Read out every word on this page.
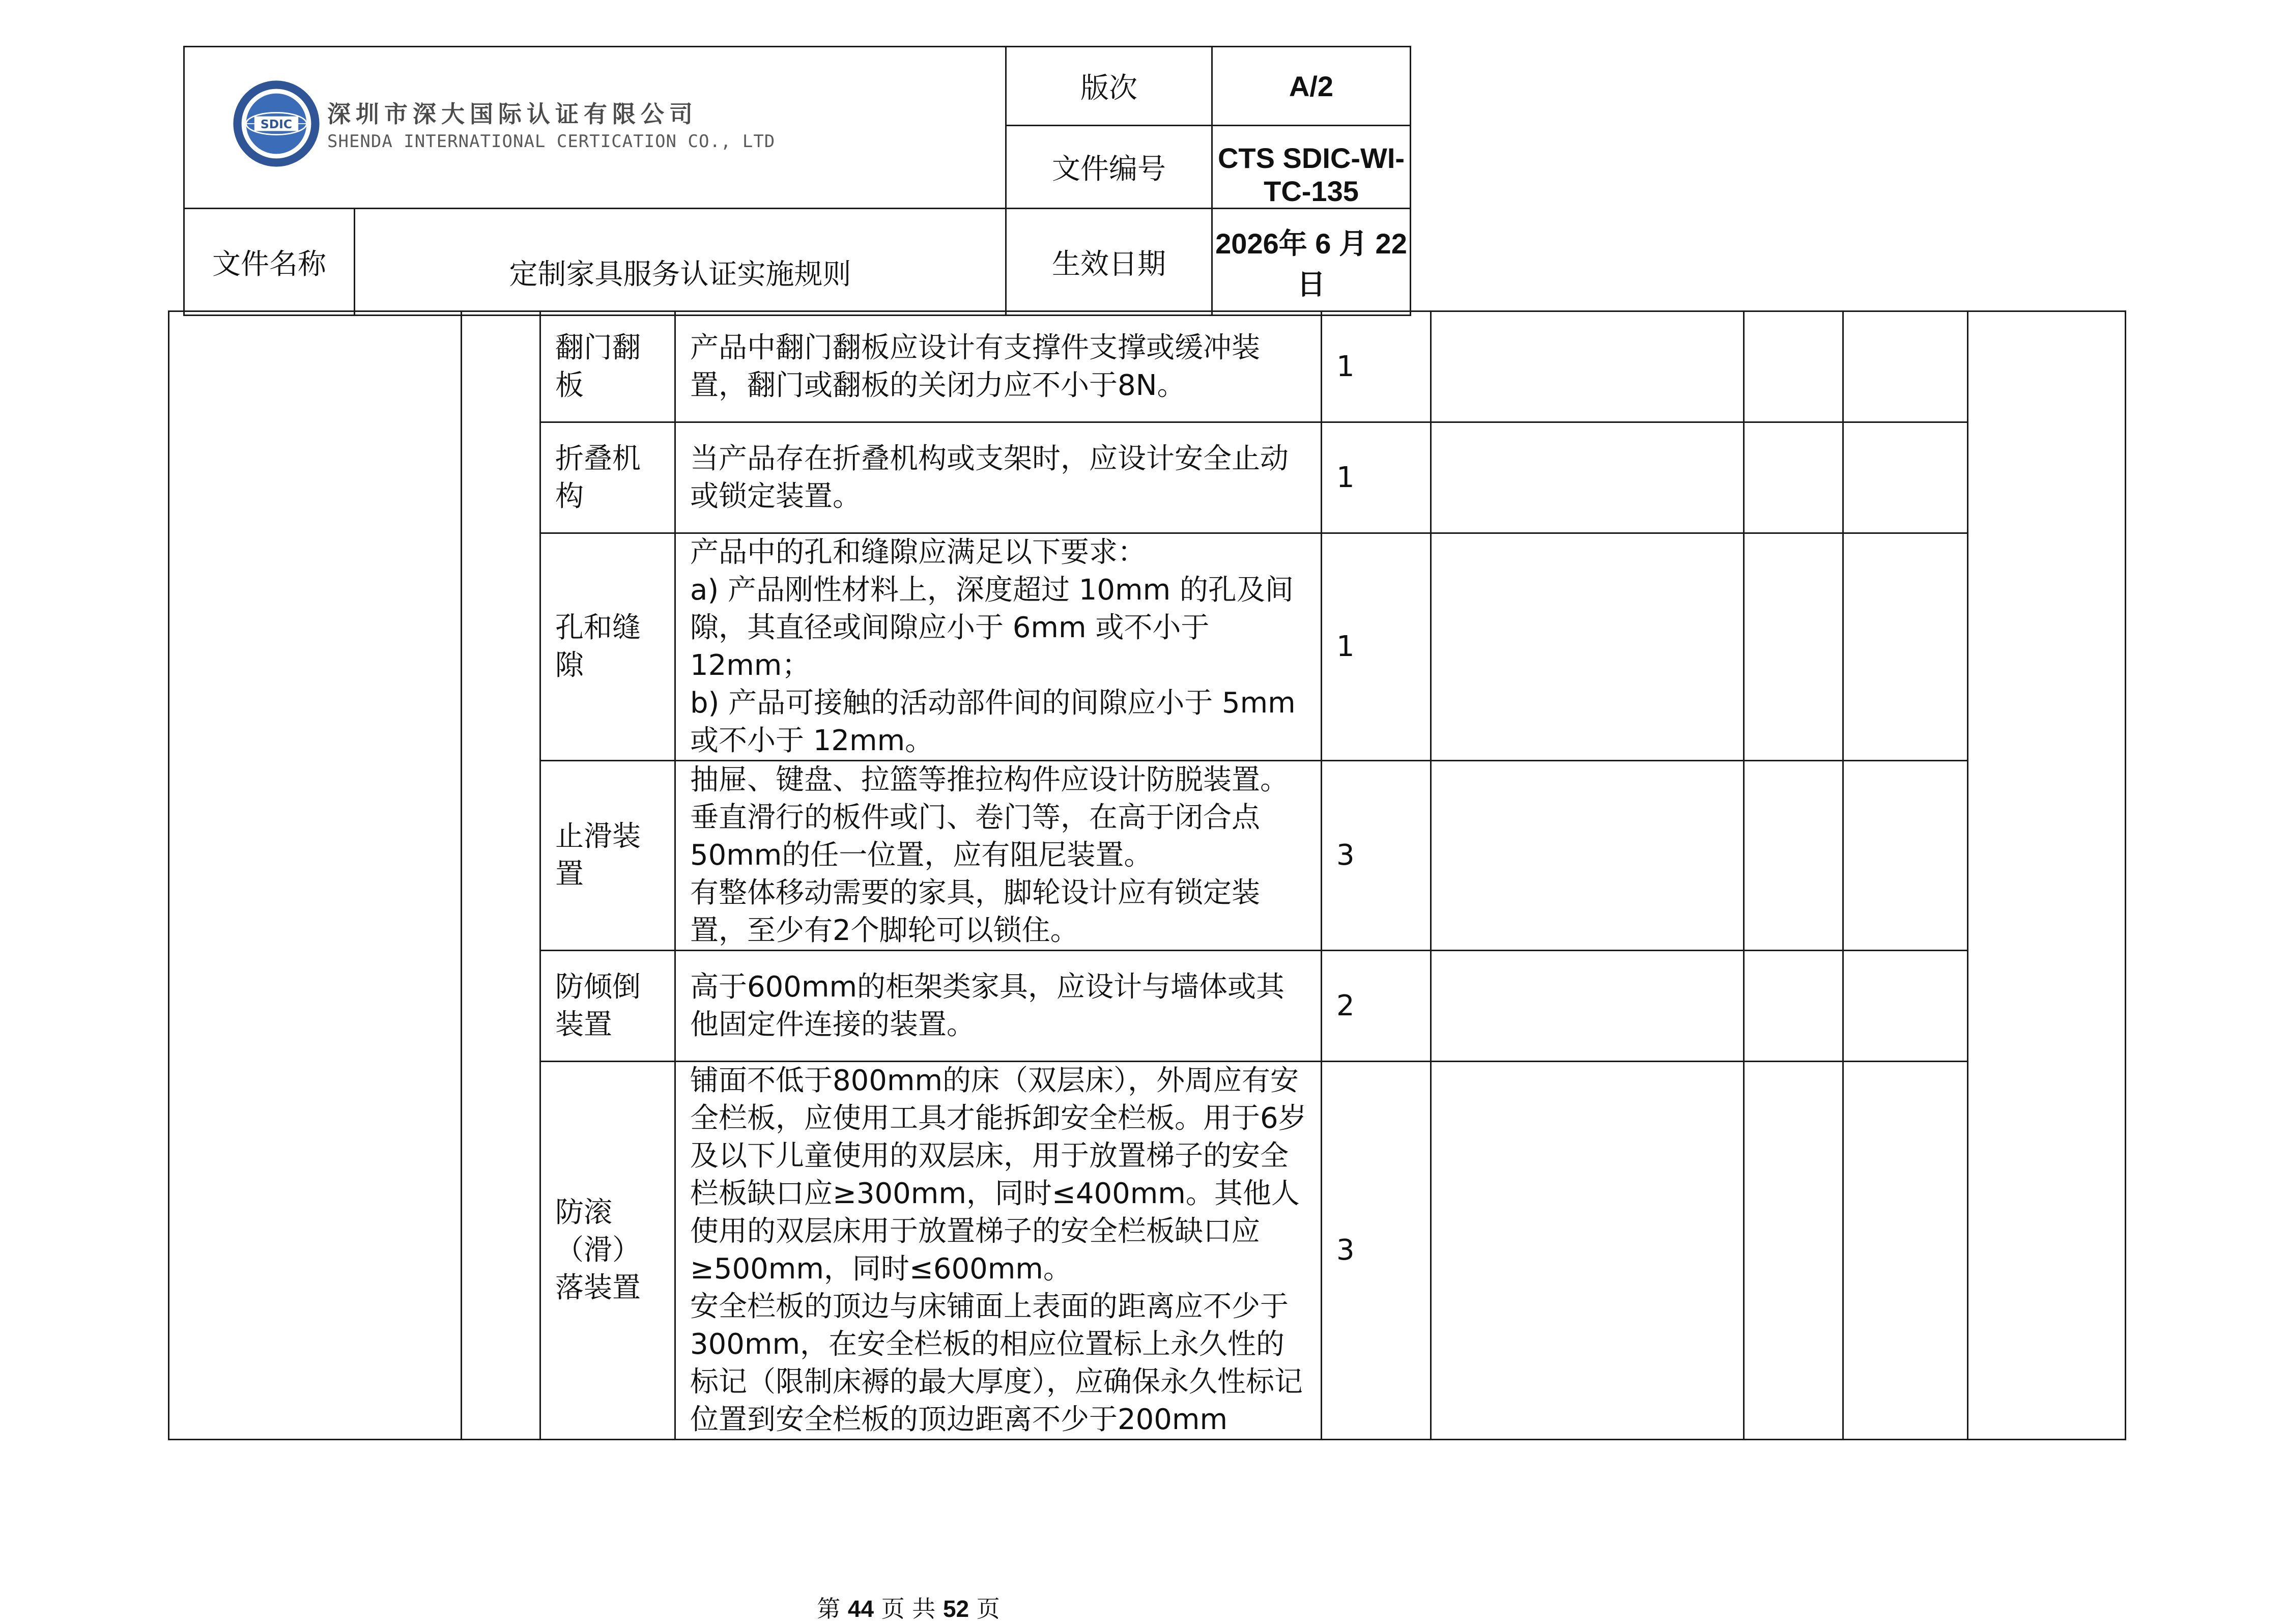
SDIC 深圳市深大国际认证有限公司
SHENDA INTERNATIONAL CERTICATION CO., LTD		版次	A/2
		文件编号	CTS SDIC-WI-TC-135
文件名称	定制家具服务认证实施规则	生效日期	2026年 6 月 22 日
		翻门翻板	产品中翻门翻板应设计有支撑件支撑或缓冲装置，翻门或翻板的关闭力应不小于8N。	1				
		折叠机构	当产品存在折叠机构或支架时，应设计安全止动或锁定装置。	1				
		孔和缝隙	产品中的孔和缝隙应满足以下要求：
a) 产品刚性材料上，深度超过 10mm 的孔及间隙，其直径或间隙应小于 6mm 或不小于 12mm；
b) 产品可接触的活动部件间的间隙应小于 5mm 或不小于 12mm。	1				
		止滑装置	抽屉、键盘、拉篮等推拉构件应设计防脱装置。
垂直滑行的板件或门、卷门等，在高于闭合点50mm的任一位置，应有阻尼装置。
有整体移动需要的家具，脚轮设计应有锁定装置，至少有2个脚轮可以锁住。	3				
		防倾倒装置	高于600mm的柜架类家具，应设计与墙体或其他固定件连接的装置。	2				
		防滚（滑）落装置	铺面不低于800mm的床（双层床），外周应有安全栏板，应使用工具才能拆卸安全栏板。用于6岁及以下儿童使用的双层床，用于放置梯子的安全栏板缺口应≥300mm，同时≤400mm。其他人使用的双层床用于放置梯子的安全栏板缺口应≥500mm，同时≤600mm。
安全栏板的顶边与床铺面上表面的距离应不少于300mm，在安全栏板的相应位置标上永久性的标记（限制床褥的最大厚度），应确保永久性标记位置到安全栏板的顶边距离不少于200mm	3				
第 44 页 共 52 页
